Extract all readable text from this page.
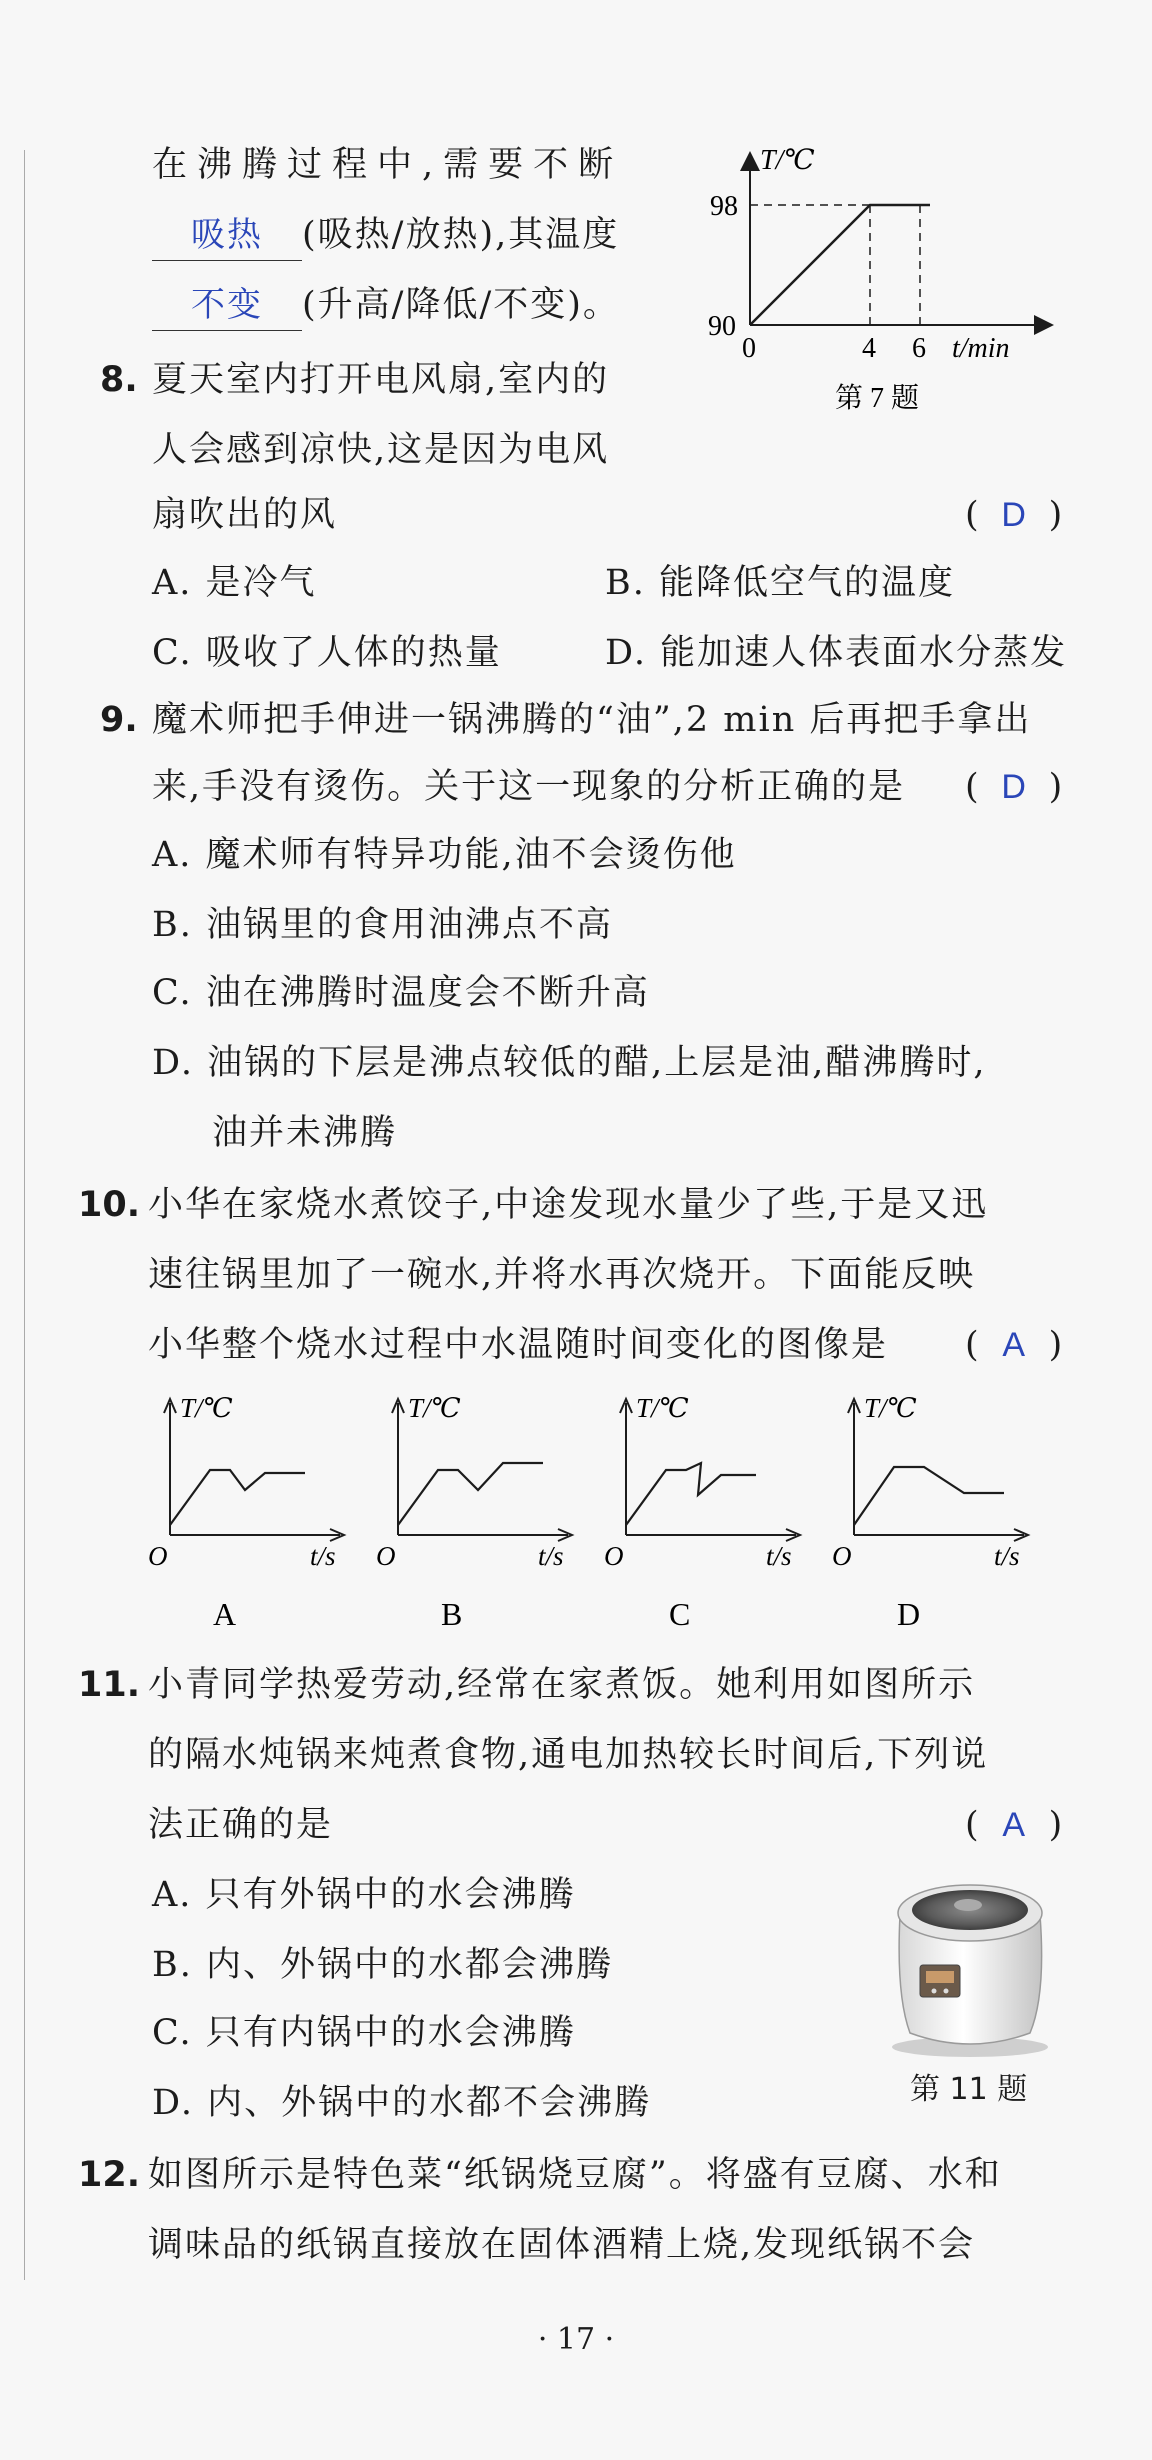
在沸腾过程中,需要不断
吸热 (吸热/放热),其温度
不变 (升高/降低/不变)。
T/℃
98
90
0	4 6 t/min
第 7 题
8. 夏天室内打开电风扇,室内的
人会感到凉快,这是因为电风
扇吹出的风	( D )
A. 是冷气	B. 能降低空气的温度
C. 吸收了人体的热量	D. 能加速人体表面水分蒸发
9. 魔术师把手伸进一锅沸腾的“油”,2 min 后再把手拿出
来,手没有烫伤。关于这一现象的分析正确的是 ( D )
A. 魔术师有特异功能,油不会烫伤他
B. 油锅里的食用油沸点不高
C. 油在沸腾时温度会不断升高
D. 油锅的下层是沸点较低的醋,上层是油,醋沸腾时,
油并未沸腾
10. 小华在家烧水煮饺子,中途发现水量少了些,于是又迅
速往锅里加了一碗水,并将水再次烧开。下面能反映
小华整个烧水过程中水温随时间变化的图像是 ( A )
T/℃
O	t/s
A
T/℃
O	t/s
B
T/℃
O	t/s
C
T/℃
O	t/s
D
11. 小青同学热爱劳动,经常在家煮饭。她利用如图所示
的隔水炖锅来炖煮食物,通电加热较长时间后,下列说
法正确的是	( A )
A. 只有外锅中的水会沸腾
B. 内、外锅中的水都会沸腾
C. 只有内锅中的水会沸腾
D. 内、外锅中的水都不会沸腾	第 11 题
12. 如图所示是特色菜“纸锅烧豆腐”。将盛有豆腐、水和
调味品的纸锅直接放在固体酒精上烧,发现纸锅不会
· 17 ·
